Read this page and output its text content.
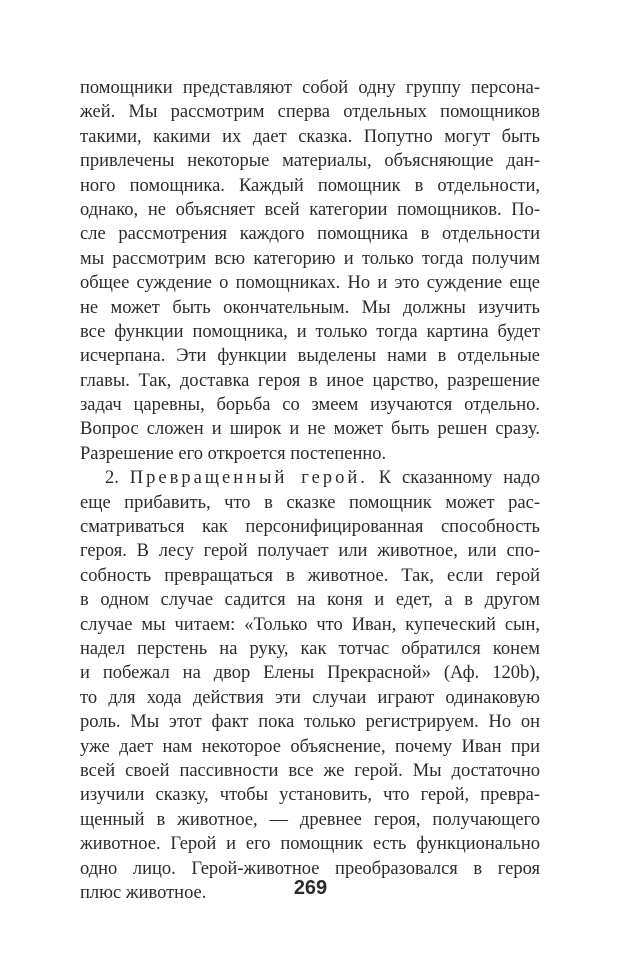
помощники представляют собой одну группу персона-
жей. Мы рассмотрим сперва отдельных помощников
такими, какими их дает сказка. Попутно могут быть
привлечены некоторые материалы, объясняющие дан-
ного помощника. Каждый помощник в отдельности,
однако, не объясняет всей категории помощников. По-
сле рассмотрения каждого помощника в отдельности
мы рассмотрим всю категорию и только тогда получим
общее суждение о помощниках. Но и это суждение еще
не может быть окончательным. Мы должны изучить
все функции помощника, и только тогда картина будет
исчерпана. Эти функции выделены нами в отдельные
главы. Так, доставка героя в иное царство, разрешение
задач царевны, борьба со змеем изучаются отдельно.
Вопрос сложен и широк и не может быть решен сразу.
Разрешение его откроется постепенно.
2. Превращенный герой. К сказанному надо
еще прибавить, что в сказке помощник может рас-
сматриваться как персонифицированная способность
героя. В лесу герой получает или животное, или спо-
собность превращаться в животное. Так, если герой
в одном случае садится на коня и едет, а в другом
случае мы читаем: «Только что Иван, купеческий сын,
надел перстень на руку, как тотчас обратился конем
и побежал на двор Елены Прекрасной» (Аф. 120b),
то для хода действия эти случаи играют одинаковую
роль. Мы этот факт пока только регистрируем. Но он
уже дает нам некоторое объяснение, почему Иван при
всей своей пассивности все же герой. Мы достаточно
изучили сказку, чтобы установить, что герой, превра-
щенный в животное, — древнее героя, получающего
животное. Герой и его помощник есть функционально
одно лицо. Герой-животное преобразовался в героя
плюс животное.	269
